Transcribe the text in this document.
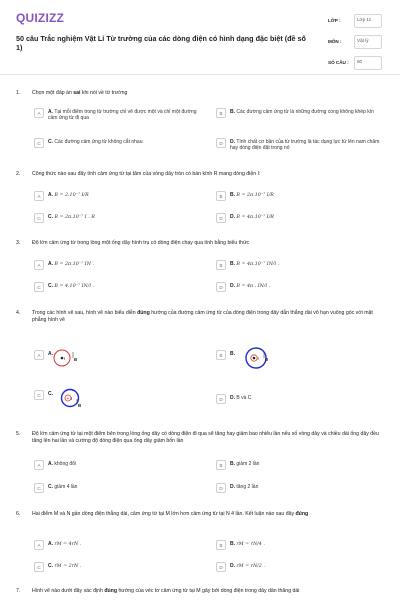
QUIZIZZ
50 câu Trắc nghiệm Vật Lí Từ trường của các dòng điện có hình dạng đặc biệt (đề số 1)
LỚP :	Lớp 11
MÔN :	Vật lý
SỐ CÂU :	50
1. Chọn một đáp án sai khi nói về từ trường
A	A. Tại mỗi điểm trong từ trường chỉ vẽ được một và chỉ một đường cảm ứng từ đi qua
B	B. Các đường cảm ứng từ là những đường cong không khép kín
C	C. Các đường cảm ứng từ không cắt nhau	D	D. Tính chất cơ bản của từ trường là tác dụng lực từ lên nam châm hay dòng điện đặt trong nó
2. Công thức nào sau đây tính cảm ứng từ tại tâm của vòng dây tròn có bán kính R mang dòng điện I:
A	A. B = 2.10⁻⁷ I/R	B	B. B = 2π.10⁻⁷ I/R
C	C. B = 2π.10⁻⁷ I . R	D	D. B = 4π.10⁻⁷ I/R
3. Độ lớn cảm ứng từ trong lòng một ống dây hình trụ có dòng điện chạy qua tính bằng biểu thức
A	A. B = 2π.10⁻⁷ IN .	B	B. B = 4π.10⁻⁷ IN/l .
C	C. B = 4.10⁻⁷ IN/l .	D	D. B = 4π . IN/l .
4. Trong các hình vẽ sau, hình vẽ nào biểu diễn đúng hướng của đường cảm ứng từ của dòng điện trong dây dẫn thẳng dài vô hạn vuông góc với mặt phẳng hình vẽ
A	A.
I B
B	B.
I B
C	C.
+ I
B
D	D. B và C
5. Độ lớn cảm ứng từ tại một điểm bên trong lòng ống dây có dòng điện đi qua sẽ tăng hay giảm bao nhiêu lần nếu số vòng dây và chiều dài ống dây đều tăng lên hai lần và cường độ dòng điện qua ống dây giảm bốn lần
A	A. không đổi	B	B. giảm 2 lần
C	C. giảm 4 lần	D	D. tăng 2 lần
6. Hai điểm M và N gần dòng điện thẳng dài, cảm ứng từ tại M lớn hơn cảm ứng từ tại N 4 lần. Kết luận nào sau đây đúng
A	A. rM = 4rN .	B	B. rM = rN/4 .
C	C. rM = 2rN .	D	D. rM = rN/2 .
7. Hình vẽ nào dưới đây xác định đúng hướng của véc tơ cảm ứng từ tại M gây bởi dòng điện trong dây dẫn thẳng dài
